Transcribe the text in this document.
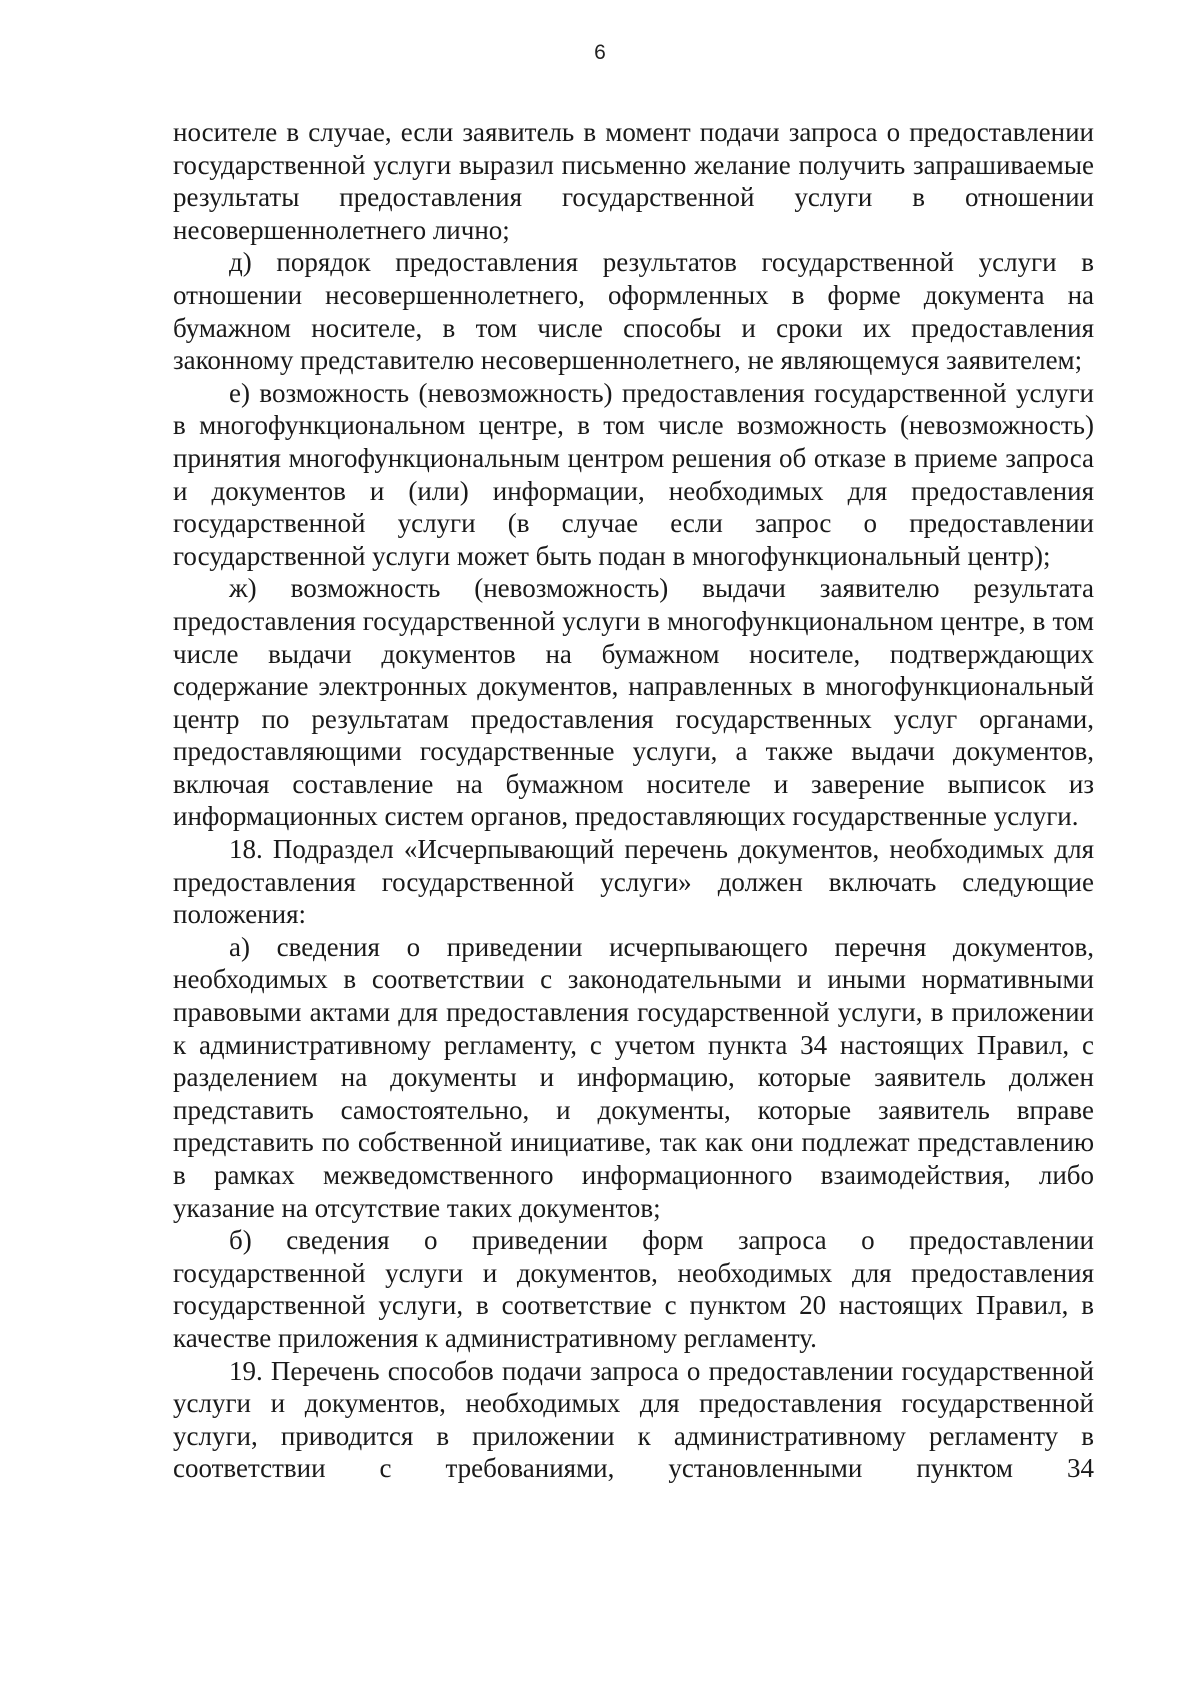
6

носителе в случае, если заявитель в момент подачи запроса о предоставлении государственной услуги выразил письменно желание получить запрашиваемые результаты предоставления государственной услуги в отношении несовершеннолетнего лично;

д) порядок предоставления результатов государственной услуги в отношении несовершеннолетнего, оформленных в форме документа на бумажном носителе, в том числе способы и сроки их предоставления законному представителю несовершеннолетнего, не являющемуся заявителем;

е) возможность (невозможность) предоставления государственной услуги в многофункциональном центре, в том числе возможность (невозможность) принятия многофункциональным центром решения об отказе в приеме запроса и документов и (или) информации, необходимых для предоставления государственной услуги (в случае если запрос о предоставлении государственной услуги может быть подан в многофункциональный центр);

ж) возможность (невозможность) выдачи заявителю результата предоставления государственной услуги в многофункциональном центре, в том числе выдачи документов на бумажном носителе, подтверждающих содержание электронных документов, направленных в многофункциональный центр по результатам предоставления государственных услуг органами, предоставляющими государственные услуги, а также выдачи документов, включая составление на бумажном носителе и заверение выписок из информационных систем органов, предоставляющих государственные услуги.

18. Подраздел «Исчерпывающий перечень документов, необходимых для предоставления государственной услуги» должен включать следующие положения:

а) сведения о приведении исчерпывающего перечня документов, необходимых в соответствии с законодательными и иными нормативными правовыми актами для предоставления государственной услуги, в приложении к административному регламенту, с учетом пункта 34 настоящих Правил, с разделением на документы и информацию, которые заявитель должен представить самостоятельно, и документы, которые заявитель вправе представить по собственной инициативе, так как они подлежат представлению в рамках межведомственного информационного взаимодействия, либо указание на отсутствие таких документов;

б) сведения о приведении форм запроса о предоставлении государственной услуги и документов, необходимых для предоставления государственной услуги, в соответствие с пунктом 20 настоящих Правил, в качестве приложения к административному регламенту.

19. Перечень способов подачи запроса о предоставлении государственной услуги и документов, необходимых для предоставления государственной услуги, приводится в приложении к административному регламенту в соответствии с требованиями, установленными пунктом 34
